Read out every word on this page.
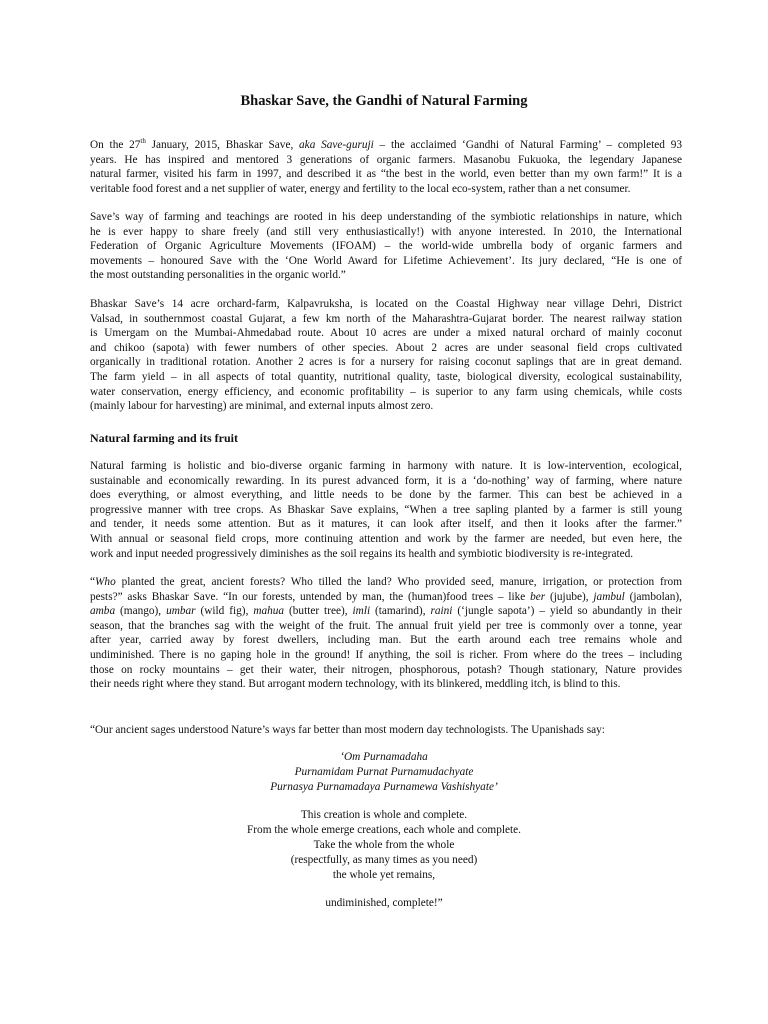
Bhaskar Save, the Gandhi of Natural Farming
On the 27th January, 2015, Bhaskar Save, aka Save-guruji – the acclaimed ‘Gandhi of Natural Farming’ – completed 93
years. He has inspired and mentored 3 generations of organic farmers. Masanobu Fukuoka, the legendary Japanese
natural farmer, visited his farm in 1997, and described it as “the best in the world, even better than my own farm!” It is a
veritable food forest and a net supplier of water, energy and fertility to the local eco-system, rather than a net consumer.
Save’s way of farming and teachings are rooted in his deep understanding of the symbiotic relationships in nature, which
he is ever happy to share freely (and still very enthusiastically!) with anyone interested. In 2010, the International
Federation of Organic Agriculture Movements (IFOAM) – the world-wide umbrella body of organic farmers and
movements – honoured Save with the ‘One World Award for Lifetime Achievement’. Its jury declared, “He is one of
the most outstanding personalities in the organic world.”
Bhaskar Save’s 14 acre orchard-farm, Kalpavruksha, is located on the Coastal Highway near village Dehri, District
Valsad, in southernmost coastal Gujarat, a few km north of the Maharashtra-Gujarat border. The nearest railway station
is Umergam on the Mumbai-Ahmedabad route. About 10 acres are under a mixed natural orchard of mainly coconut
and chikoo (sapota) with fewer numbers of other species. About 2 acres are under seasonal field crops cultivated
organically in traditional rotation. Another 2 acres is for a nursery for raising coconut saplings that are in great demand.
The farm yield – in all aspects of total quantity, nutritional quality, taste, biological diversity, ecological sustainability,
water conservation, energy efficiency, and economic profitability – is superior to any farm using chemicals, while costs
(mainly labour for harvesting) are minimal, and external inputs almost zero.
Natural farming and its fruit
Natural farming is holistic and bio-diverse organic farming in harmony with nature. It is low-intervention, ecological,
sustainable and economically rewarding. In its purest advanced form, it is a ‘do-nothing’ way of farming, where nature
does everything, or almost everything, and little needs to be done by the farmer. This can best be achieved in a
progressive manner with tree crops. As Bhaskar Save explains, “When a tree sapling planted by a farmer is still young
and tender, it needs some attention. But as it matures, it can look after itself, and then it looks after the farmer.”
With annual or seasonal field crops, more continuing attention and work by the farmer are needed, but even here, the
work and input needed progressively diminishes as the soil regains its health and symbiotic biodiversity is re-integrated.
“Who planted the great, ancient forests? Who tilled the land? Who provided seed, manure, irrigation, or protection from
pests?” asks Bhaskar Save. “In our forests, untended by man, the (human)food trees – like ber (jujube), jambul (jambolan),
amba (mango), umbar (wild fig), mahua (butter tree), imli (tamarind), raini (‘jungle sapota’) – yield so abundantly in their
season, that the branches sag with the weight of the fruit. The annual fruit yield per tree is commonly over a tonne, year
after year, carried away by forest dwellers, including man. But the earth around each tree remains whole and
undiminished. There is no gaping hole in the ground! If anything, the soil is richer. From where do the trees – including
those on rocky mountains – get their water, their nitrogen, phosphorous, potash? Though stationary, Nature provides
their needs right where they stand. But arrogant modern technology, with its blinkered, meddling itch, is blind to this.
“Our ancient sages understood Nature’s ways far better than most modern day technologists. The Upanishads say:
‘Om Purnamadaha
Purnamidam Purnat Purnamudachyate
Purnasya Purnamadaya Purnamewa Vashishyate’
This creation is whole and complete.
From the whole emerge creations, each whole and complete.
Take the whole from the whole
(respectfully, as many times as you need)
the whole yet remains,
undiminished, complete!”
